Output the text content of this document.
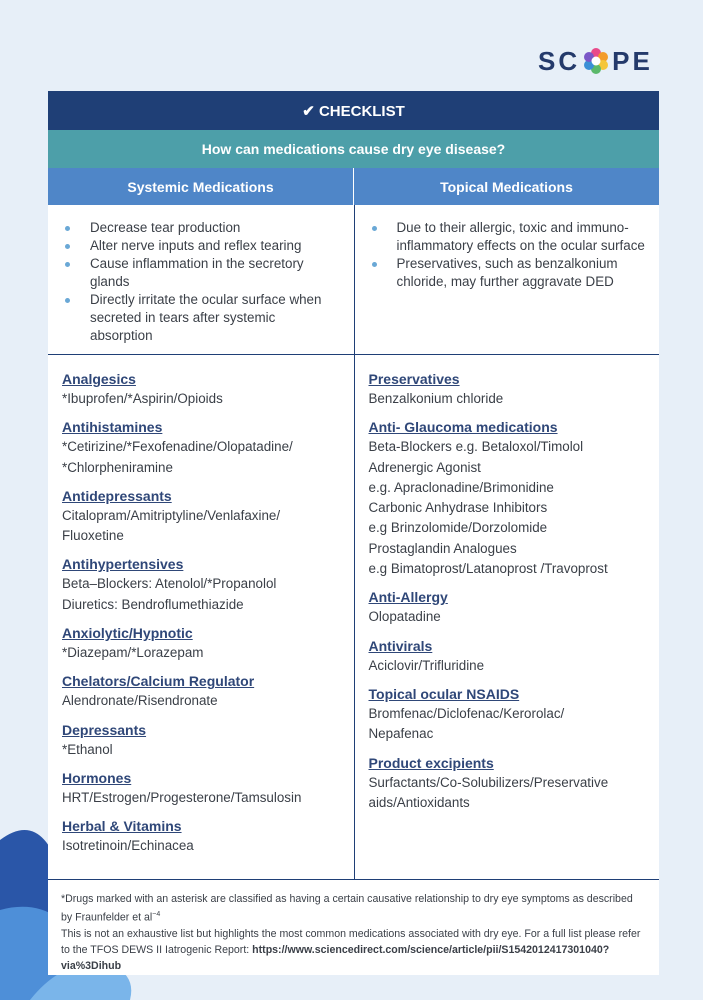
SC PE
✔ CHECKLIST
How can medications cause dry eye disease?
Systemic Medications	Topical Medications
Decrease tear production
Alter nerve inputs and reflex tearing
Cause inflammation in the secretory glands
Directly irritate the ocular surface when secreted in tears after systemic absorption
Due to their allergic, toxic and immuno-inflammatory effects on the ocular surface
Preservatives, such as benzalkonium chloride, may further aggravate DED
Analgesics

*Ibuprofen/*Aspirin/Opioids

Antihistamines

*Cetirizine/*Fexofenadine/Olopatadine/

*Chlorpheniramine

Antidepressants

Citalopram/Amitriptyline/Venlafaxine/

Fluoxetine

Antihypertensives

Beta–Blockers: Atenolol/*Propanolol

Diuretics: Bendroflumethiazide

Anxiolytic/Hypnotic

*Diazepam/*Lorazepam

Chelators/Calcium Regulator

Alendronate/Risendronate

Depressants

*Ethanol

Hormones

HRT/Estrogen/Progesterone/Tamsulosin

Herbal & Vitamins

Isotretinoin/Echinacea

Preservatives

Benzalkonium chloride

Anti- Glaucoma medications

Beta-Blockers e.g. Betaloxol/Timolol

Adrenergic Agonist

e.g. Apraclonadine/Brimonidine

Carbonic Anhydrase Inhibitors

e.g Brinzolomide/Dorzolomide

Prostaglandin Analogues

e.g Bimatoprost/Latanoprost /Travoprost

Anti-Allergy

Olopatadine

Antivirals

Aciclovir/Trifluridine

Topical ocular NSAIDS

Bromfenac/Diclofenac/Kerorolac/

Nepafenac

Product excipients

Surfactants/Co-Solubilizers/Preservative

aids/Antioxidants

*Drugs marked with an asterisk are classified as having a certain causative relationship to dry eye symptoms as described by Fraunfelder et $al^{\sim 4}$

This is not an exhaustive list but highlights the most common medications associated with dry eye. For a full list please refer to the TFOS DEWS II Iatrogenic Report: https://www.sciencedirect.com/science/article/pii/S1542012417301040?via%3Dihub
